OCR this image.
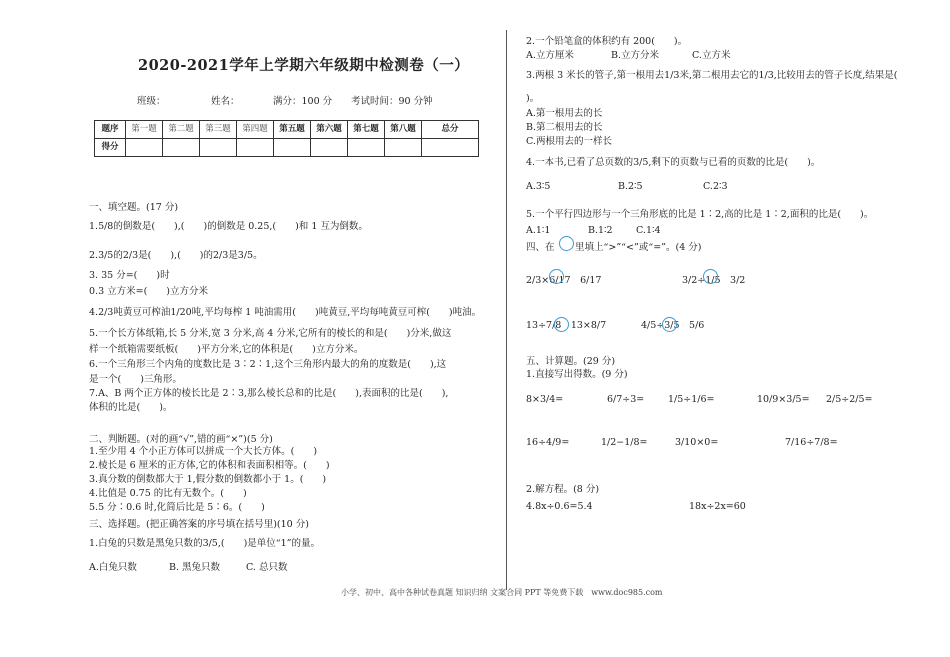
2020-2021学年上学期六年级期中检测卷（一）
班级：	姓名：	满分：100 分 考试时间：90 分钟
题序	第一题	第二题	第三题	第四题	第五题	第六题	第七题	第八题	总分
得分									
一、填空题。(17 分)
1.5/8的倒数是(　　),(　　)的倒数是 0.25,(　　)和 1 互为倒数。
2.3/5的2/3是(　　),(　　)的2/3是3/5。
3. 35 分=(　　)时
0.3 立方米=(　　)立方分米
4.2/3吨黄豆可榨油1/20吨,平均每榨 1 吨油需用(　　)吨黄豆,平均每吨黄豆可榨(　　)吨油。
5.一个长方体纸箱,长 5 分米,宽 3 分米,高 4 分米,它所有的棱长的和是(　　)分米,做这
样一个纸箱需要纸板(　　)平方分米,它的体积是(　　)立方分米。
6.一个三角形三个内角的度数比是 3∶2∶1,这个三角形内最大的角的度数是(　　),这
是一个(　　)三角形。
7.A、B 两个正方体的棱长比是 2∶3,那么棱长总和的比是(　　),表面积的比是(　　),
体积的比是(　　)。
二、判断题。(对的画“√”,错的画“×”)(5 分)
1.至少用 4 个小正方体可以拼成一个大长方体。(　　)
2.棱长是 6 厘米的正方体,它的体积和表面积相等。(　　)
3.真分数的倒数都大于 1,假分数的倒数都小于 1。(　　)
4.比值是 0.75 的比有无数个。(　　)
5.5 分∶0.6 时,化简后比是 5∶6。(　　)
三、选择题。(把正确答案的序号填在括号里)(10 分)
1.白兔的只数是黑兔只数的3/5,(　　)是单位“1”的量。
A.白兔只数	B. 黑兔只数	C. 总只数
2.一个铅笔盒的体积约有 200(　　)。
A.立方厘米	B.立方分米	C.立方米
3.两根 3 米长的管子,第一根用去1/3米,第二根用去它的1/3,比较用去的管子长度,结果是(
)。
A.第一根用去的长
B.第二根用去的长
C.两根用去的一样长
4.一本书,已看了总页数的3/5,剩下的页数与已看的页数的比是(　　)。
A.3∶5	B.2∶5	C.2∶3
5.一个平行四边形与一个三角形底的比是 1∶2,高的比是 1∶2,面积的比是(　　)。
A.1∶1	B.1∶2 C.1∶4
四、在 里填上“>”“<”或“=”。(4 分)
2/3×6/17　6/17	3/2÷1/5　3/2
13÷7/8　13×8/7	4/5÷3/5　5/6
五、计算题。(29 分)
1.直接写出得数。(9 分)
8×3/4=	6/7÷3= 1/5÷1/6=	10/9×3/5= 2/5÷2/5=
16÷4/9=	1/2−1/8=	3/10×0=	7/16÷7/8=
2.解方程。(8 分)
4.8x÷0.6=5.4	18x÷2x=60
小学、初中、高中各种试卷真题 知识归纳 文案合同 PPT 等免费下载　www.doc985.com
